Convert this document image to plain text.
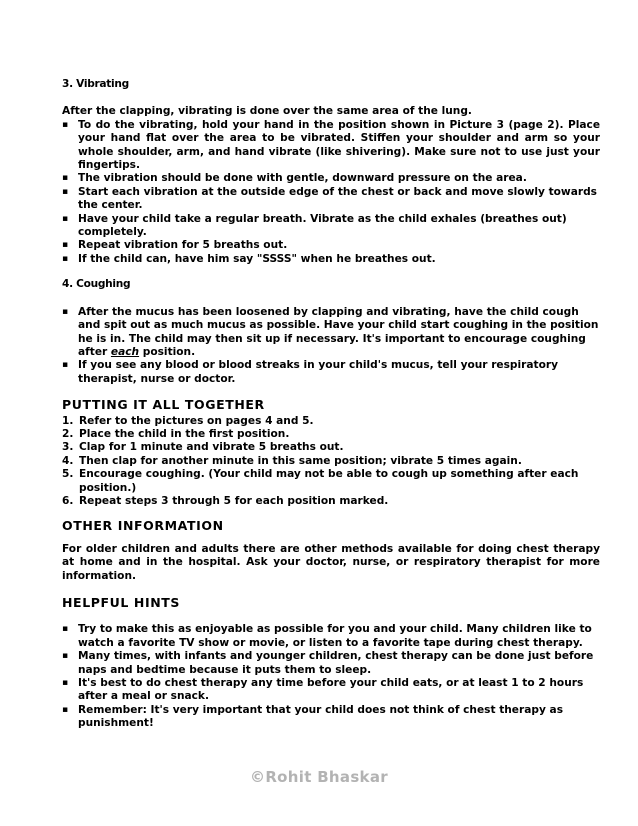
3. Vibrating

After the clapping, vibrating is done over the same area of the lung.

▪ To do the vibrating, hold your hand in the position shown in Picture 3 (page 2). Place your hand flat over the area to be vibrated. Stiffen your shoulder and arm so your whole shoulder, arm, and hand vibrate (like shivering). Make sure not to use just your fingertips.
▪ The vibration should be done with gentle, downward pressure on the area.
▪ Start each vibration at the outside edge of the chest or back and move slowly towards the center.
▪ Have your child take a regular breath. Vibrate as the child exhales (breathes out) completely.
▪ Repeat vibration for 5 breaths out.
▪ If the child can, have him say "SSSS" when he breathes out.
4. Coughing
▪ After the mucus has been loosened by clapping and vibrating, have the child cough and spit out as much mucus as possible. Have your child start coughing in the position he is in. The child may then sit up if necessary. It's important to encourage coughing after each position.
▪ If you see any blood or blood streaks in your child's mucus, tell your respiratory therapist, nurse or doctor.
PUTTING IT ALL TOGETHER
1. Refer to the pictures on pages 4 and 5.
2. Place the child in the first position.
3. Clap for 1 minute and vibrate 5 breaths out.
4. Then clap for another minute in this same position; vibrate 5 times again.
5. Encourage coughing. (Your child may not be able to cough up something after each position.)
6. Repeat steps 3 through 5 for each position marked.
OTHER INFORMATION

For older children and adults there are other methods available for doing chest therapy at home and in the hospital. Ask your doctor, nurse, or respiratory therapist for more information.

HELPFUL HINTS
▪ Try to make this as enjoyable as possible for you and your child. Many children like to watch a favorite TV show or movie, or listen to a favorite tape during chest therapy.
▪ Many times, with infants and younger children, chest therapy can be done just before naps and bedtime because it puts them to sleep.
▪ It's best to do chest therapy any time before your child eats, or at least 1 to 2 hours after a meal or snack.
▪ Remember: It's very important that your child does not think of chest therapy as punishment!
©Rohit Bhaskar
